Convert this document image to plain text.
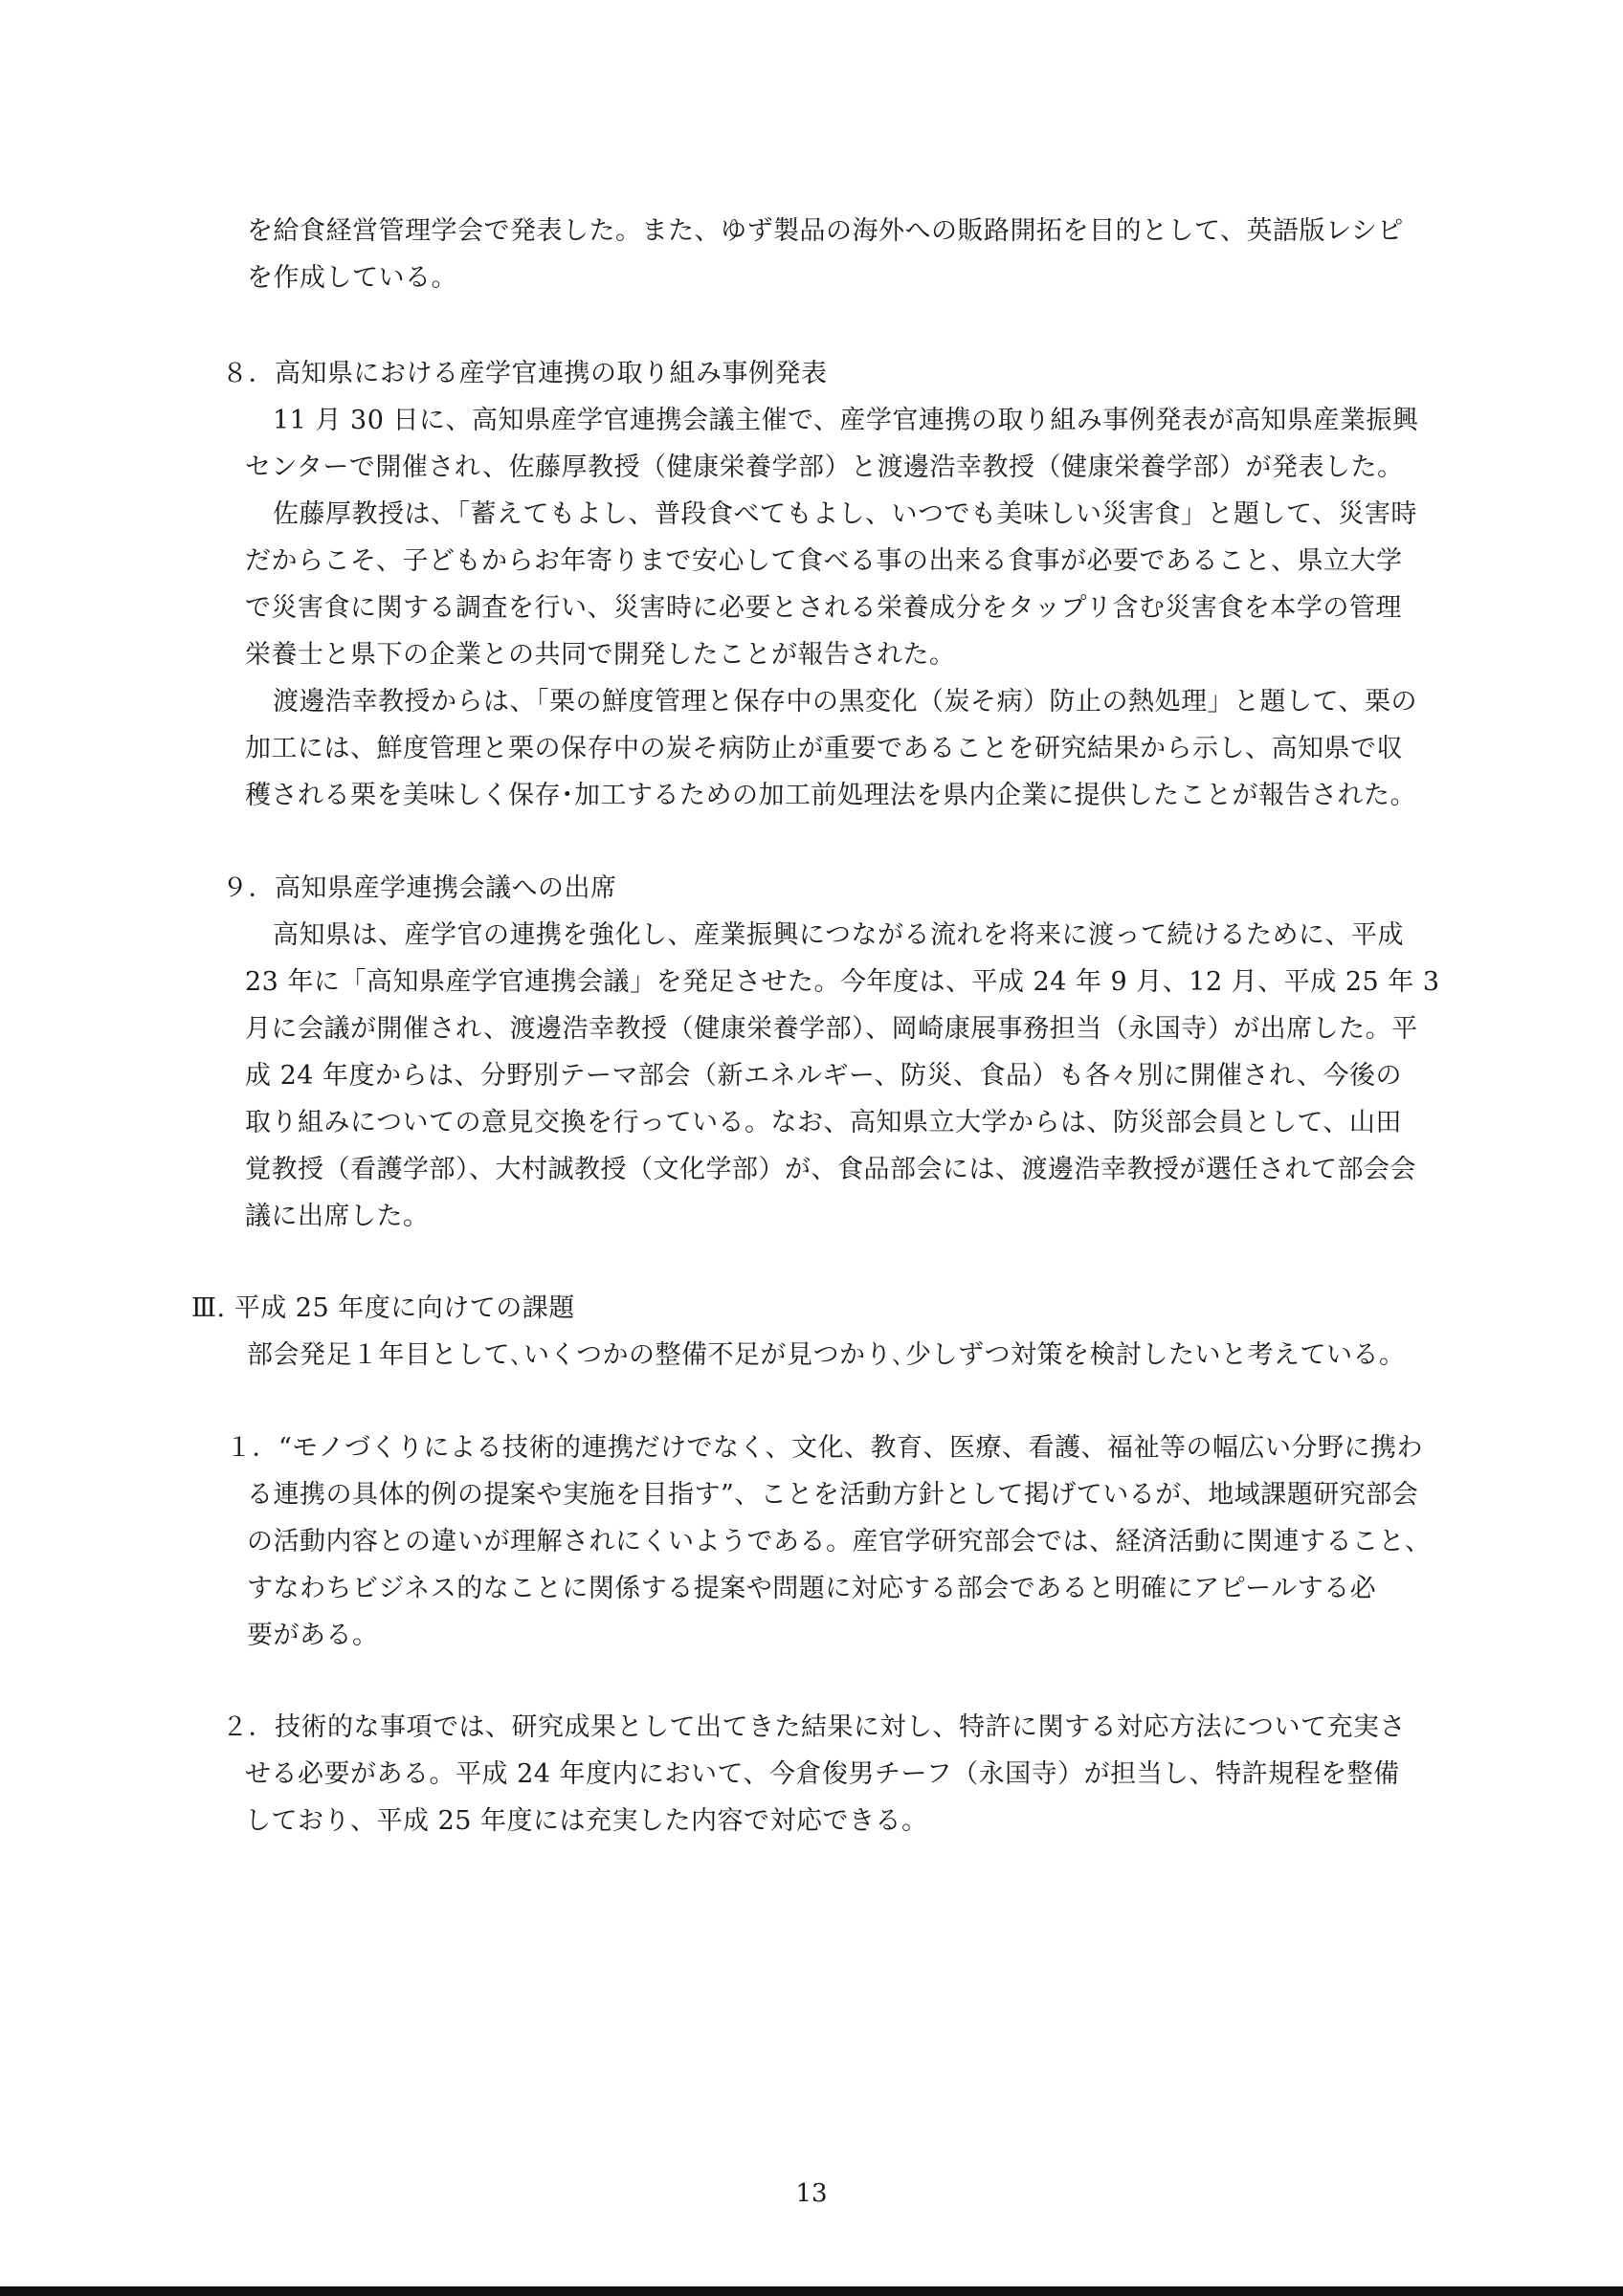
を給食経営管理学会で発表した。また、ゆず製品の海外への販路開拓を目的として、英語版レシピ
を作成している。
８．高知県における産学官連携の取り組み事例発表
11 月 30 日に、高知県産学官連携会議主催で、産学官連携の取り組み事例発表が高知県産業振興
センターで開催され、佐藤厚教授（健康栄養学部）と渡邊浩幸教授（健康栄養学部）が発表した。
佐藤厚教授は、「蓄えてもよし、普段食べてもよし、いつでも美味しい災害食」と題して、災害時
だからこそ、子どもからお年寄りまで安心して食べる事の出来る食事が必要であること、県立大学
で災害食に関する調査を行い、災害時に必要とされる栄養成分をタップリ含む災害食を本学の管理
栄養士と県下の企業との共同で開発したことが報告された。
渡邊浩幸教授からは、「栗の鮮度管理と保存中の黒変化（炭そ病）防止の熱処理」と題して、栗の
加工には、鮮度管理と栗の保存中の炭そ病防止が重要であることを研究結果から示し、高知県で収
穫される栗を美味しく保存･加工するための加工前処理法を県内企業に提供したことが報告された。
９．高知県産学連携会議への出席
高知県は、産学官の連携を強化し、産業振興につながる流れを将来に渡って続けるために、平成
23 年に「高知県産学官連携会議」を発足させた。今年度は、平成 24 年 9 月、12 月、平成 25 年 3
月に会議が開催され、渡邊浩幸教授（健康栄養学部）、岡崎康展事務担当（永国寺）が出席した。平
成 24 年度からは、分野別テーマ部会（新エネルギー、防災、食品）も各々別に開催され、今後の
取り組みについての意見交換を行っている。なお、高知県立大学からは、防災部会員として、山田
覚教授（看護学部）、大村誠教授（文化学部）が、食品部会には、渡邊浩幸教授が選任されて部会会
議に出席した。
Ⅲ. 平成 25 年度に向けての課題
部会発足１年目として､いくつかの整備不足が見つかり､少しずつ対策を検討したいと考えている。
１．“モノづくりによる技術的連携だけでなく、文化、教育、医療、看護、福祉等の幅広い分野に携わ
る連携の具体的例の提案や実施を目指す”、ことを活動方針として掲げているが、地域課題研究部会
の活動内容との違いが理解されにくいようである。産官学研究部会では、経済活動に関連すること、
すなわちビジネス的なことに関係する提案や問題に対応する部会であると明確にアピールする必
要がある。
２．技術的な事項では、研究成果として出てきた結果に対し、特許に関する対応方法について充実さ
せる必要がある。平成 24 年度内において、今倉俊男チーフ（永国寺）が担当し、特許規程を整備
しており、平成 25 年度には充実した内容で対応できる。
13
